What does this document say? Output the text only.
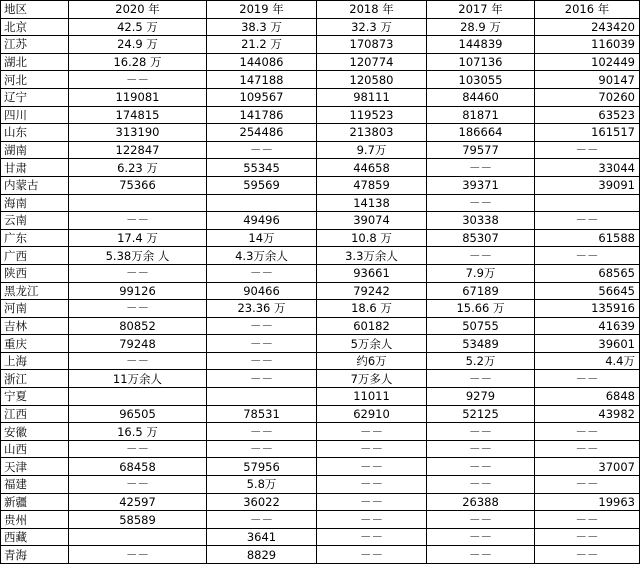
地区	2020 年	2019 年	2018 年	2017 年	2016 年
北京	42.5 万	38.3 万	32.3 万	28.9 万	243420
江苏	24.9 万	21.2 万	170873	144839	116039
湖北	16.28 万	144086	120774	107136	102449
河北	－－	147188	120580	103055	90147
辽宁	119081	109567	98111	84460	70260
四川	174815	141786	119523	81871	63523
山东	313190	254486	213803	186664	161517
湖南	122847	－－	9.7万	79577	－－
甘肃	6.23 万	55345	44658	－－	33044
内蒙古	75366	59569	47859	39371	39091
海南			14138	－－	
云南	－－	49496	39074	30338	－－
广东	17.4 万	14万	10.8 万	85307	61588
广西	5.38万余 人	4.3万余人	3.3万余人	－－	－－
陕西	－－	－－	93661	7.9万	68565
黑龙江	99126	90466	79242	67189	56645
河南	－－	23.36 万	18.6 万	15.66 万	135916
吉林	80852	－－	60182	50755	41639
重庆	79248	－－	5万余人	53489	39601
上海	－－	－－	约6万	5.2万	4.4万
浙江	11万余人	－－	7万多人	－－	－－
宁夏			11011	9279	6848
江西	96505	78531	62910	52125	43982
安徽	16.5 万	－－	－－	－－	－－
山西	－－	－－	－－	－－	－－
天津	68458	57956	－－	－－	37007
福建	－－	5.8万	－－	－－	－－
新疆	42597	36022	－－	26388	19963
贵州	58589	－－	－－	－－	－－
西藏		3641	－－	－－	－－
青海	－－	8829	－－	－－	－－
